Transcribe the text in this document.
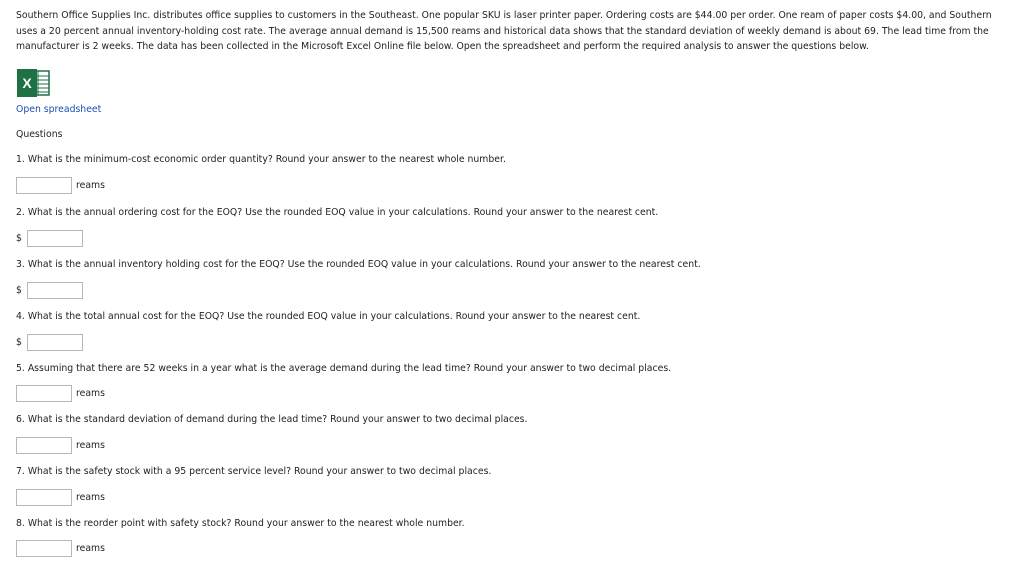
Southern Office Supplies Inc. distributes office supplies to customers in the Southeast. One popular SKU is laser printer paper. Ordering costs are $44.00 per order. One ream of paper costs $4.00, and Southern
uses a 20 percent annual inventory-holding cost rate. The average annual demand is 15,500 reams and historical data shows that the standard deviation of weekly demand is about 69. The lead time from the
manufacturer is 2 weeks. The data has been collected in the Microsoft Excel Online file below. Open the spreadsheet and perform the required analysis to answer the questions below.
X
Open spreadsheet
Questions
1. What is the minimum-cost economic order quantity? Round your answer to the nearest whole number.
reams
2. What is the annual ordering cost for the EOQ? Use the rounded EOQ value in your calculations. Round your answer to the nearest cent.
$
3. What is the annual inventory holding cost for the EOQ? Use the rounded EOQ value in your calculations. Round your answer to the nearest cent.
$
4. What is the total annual cost for the EOQ? Use the rounded EOQ value in your calculations. Round your answer to the nearest cent.
$
5. Assuming that there are 52 weeks in a year what is the average demand during the lead time? Round your answer to two decimal places.
reams
6. What is the standard deviation of demand during the lead time? Round your answer to two decimal places.
reams
7. What is the safety stock with a 95 percent service level? Round your answer to two decimal places.
reams
8. What is the reorder point with safety stock? Round your answer to the nearest whole number.
reams
